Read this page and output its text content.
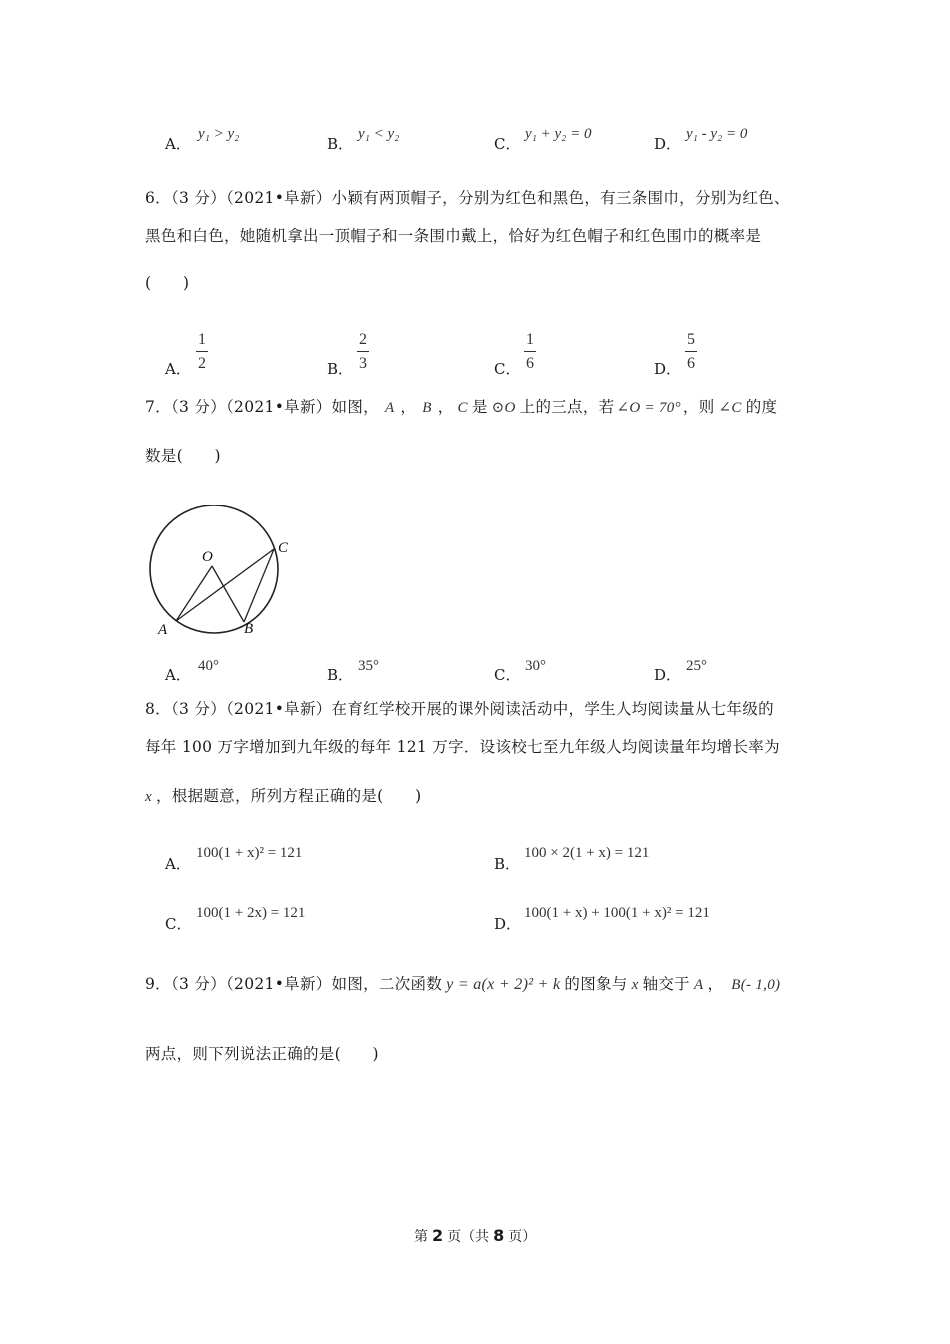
A．
y₁ > y₂
B．
y₁ < y₂
C．
y₁ + y₂ = 0
D．
y₁ - y₂ = 0
6．（3 分）（2021•阜新）小颖有两顶帽子，分别为红色和黑色，有三条围巾，分别为红色、
黑色和白色，她随机拿出一顶帽子和一条围巾戴上，恰好为红色帽子和红色围巾的概率是
(　　)
A．
1
2	B．
2
3	C．
1
6	D．
5
6
7．（3 分）（2021•阜新）如图， A ， B ， C 是 ⊙O 上的三点，若 ∠O = 70° ，则 ∠C 的度
数是(　　)
O
A	B
C
A． 40°	B． 35°	C． 30°	D． 25°
8．（3 分）（2021•阜新）在育红学校开展的课外阅读活动中，学生人均阅读量从七年级的
每年 100 万字增加到九年级的每年 121 万字．设该校七至九年级人均阅读量年均增长率为
x ，根据题意，所列方程正确的是(　　)
A．
100(1 + x)² = 121
B．
100 × 2(1 + x) = 121
C．
100(1 + 2x) = 121
D．
100(1 + x) + 100(1 + x)² = 121
9．（3 分）（2021•阜新）如图，二次函数 y = a(x + 2)² + k 的图象与 x 轴交于 A ， B(- 1,0)
两点，则下列说法正确的是(　　)
第 2 页（共 8 页）
